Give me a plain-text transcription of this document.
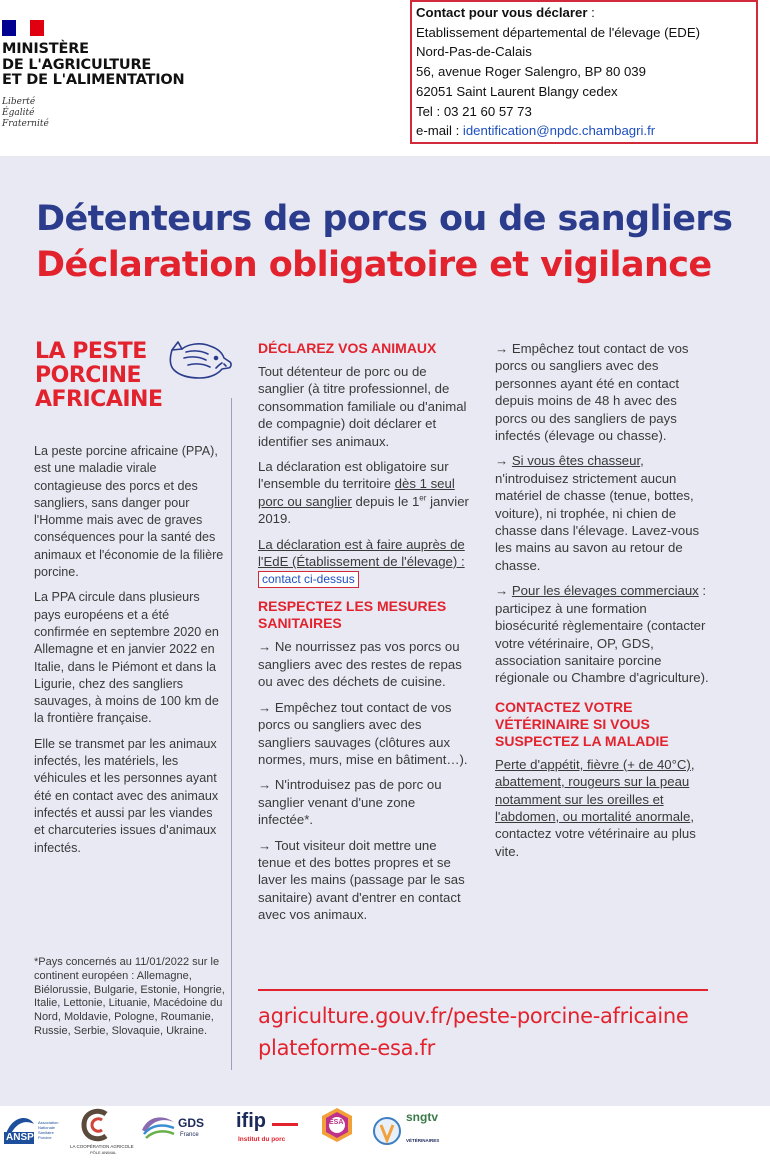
MINISTÈRE
DE L'AGRICULTURE
ET DE L'ALIMENTATION
Liberté
Égalité
Fraternité
Contact pour vous déclarer :
Etablissement départemental de l'élevage (EDE)
Nord-Pas-de-Calais
56, avenue Roger Salengro, BP 80 039
62051 Saint Laurent Blangy cedex
Tel : 03 21 60 57 73
e-mail : identification@npdc.chambagri.fr
Détenteurs de porcs ou de sangliers
Déclaration obligatoire et vigilance
LA PESTE
PORCINE
AFRICAINE

La peste porcine africaine (PPA), est une maladie virale contagieuse des porcs et des sangliers, sans danger pour l'Homme mais avec de graves conséquences pour la santé des animaux et l'économie de la filière porcine.

La PPA circule dans plusieurs pays européens et a été confirmée en septembre 2020 en Allemagne et en janvier 2022 en Italie, dans le Piémont et dans la Ligurie, chez des sangliers sauvages, à moins de 100 km de la frontière française.

Elle se transmet par les animaux infectés, les matériels, les véhicules et les personnes ayant été en contact avec des animaux infectés et aussi par les viandes et charcuteries issues d'animaux infectés.

*Pays concernés au 11/01/2022 sur le continent européen : Allemagne, Biélorussie, Bulgarie, Estonie, Hongrie, Italie, Lettonie, Lituanie, Macédoine du Nord, Moldavie, Pologne, Roumanie, Russie, Serbie, Slovaquie, Ukraine.
DÉCLAREZ VOS ANIMAUX

Tout détenteur de porc ou de sanglier (à titre professionnel, de consommation familiale ou d'animal de compagnie) doit déclarer et identifier ses animaux.

La déclaration est obligatoire sur l'ensemble du territoire dès 1 seul porc ou sanglier depuis le 1er janvier 2019.

La déclaration est à faire auprès de l'EdE (Établissement de l'élevage) : contact ci-dessus

RESPECTEZ LES MESURES SANITAIRES

→ Ne nourrissez pas vos porcs ou sangliers avec des restes de repas ou avec des déchets de cuisine.

→ Empêchez tout contact de vos porcs ou sangliers avec des sangliers sauvages (clôtures aux normes, murs, mise en bâtiment…).

→ N'introduisez pas de porc ou sanglier venant d'une zone infectée*.

→ Tout visiteur doit mettre une tenue et des bottes propres et se laver les mains (passage par le sas sanitaire) avant d'entrer en contact avec vos animaux.

→ Empêchez tout contact de vos porcs ou sangliers avec des personnes ayant été en contact depuis moins de 48 h avec des porcs ou des sangliers de pays infectés (élevage ou chasse).

→ Si vous êtes chasseur, n'introduisez strictement aucun matériel de chasse (tenue, bottes, voiture), ni trophée, ni chien de chasse dans l'élevage. Lavez-vous les mains au savon au retour de chasse.

→ Pour les élevages commerciaux : participez à une formation biosécurité règlementaire (contacter votre vétérinaire, OP, GDS, association sanitaire porcine régionale ou Chambre d'agriculture).

CONTACTEZ VOTRE VÉTÉRINAIRE SI VOUS SUSPECTEZ LA MALADIE

Perte d'appétit, fièvre (+ de 40°C), abattement, rougeurs sur la peau notamment sur les oreilles et l'abdomen, ou mortalité anormale, contactez votre vétérinaire au plus vite.

agriculture.gouv.fr/peste-porcine-africaine
plateforme-esa.fr
ANSP
Association Nationale Sanitaire Porcine
LA COOPÉRATION AGRICOLE
PÔLE ANIMAL
GDS
France
ifip
Institut du porc
ESA	sngtv
VÉTÉRINAIRES
